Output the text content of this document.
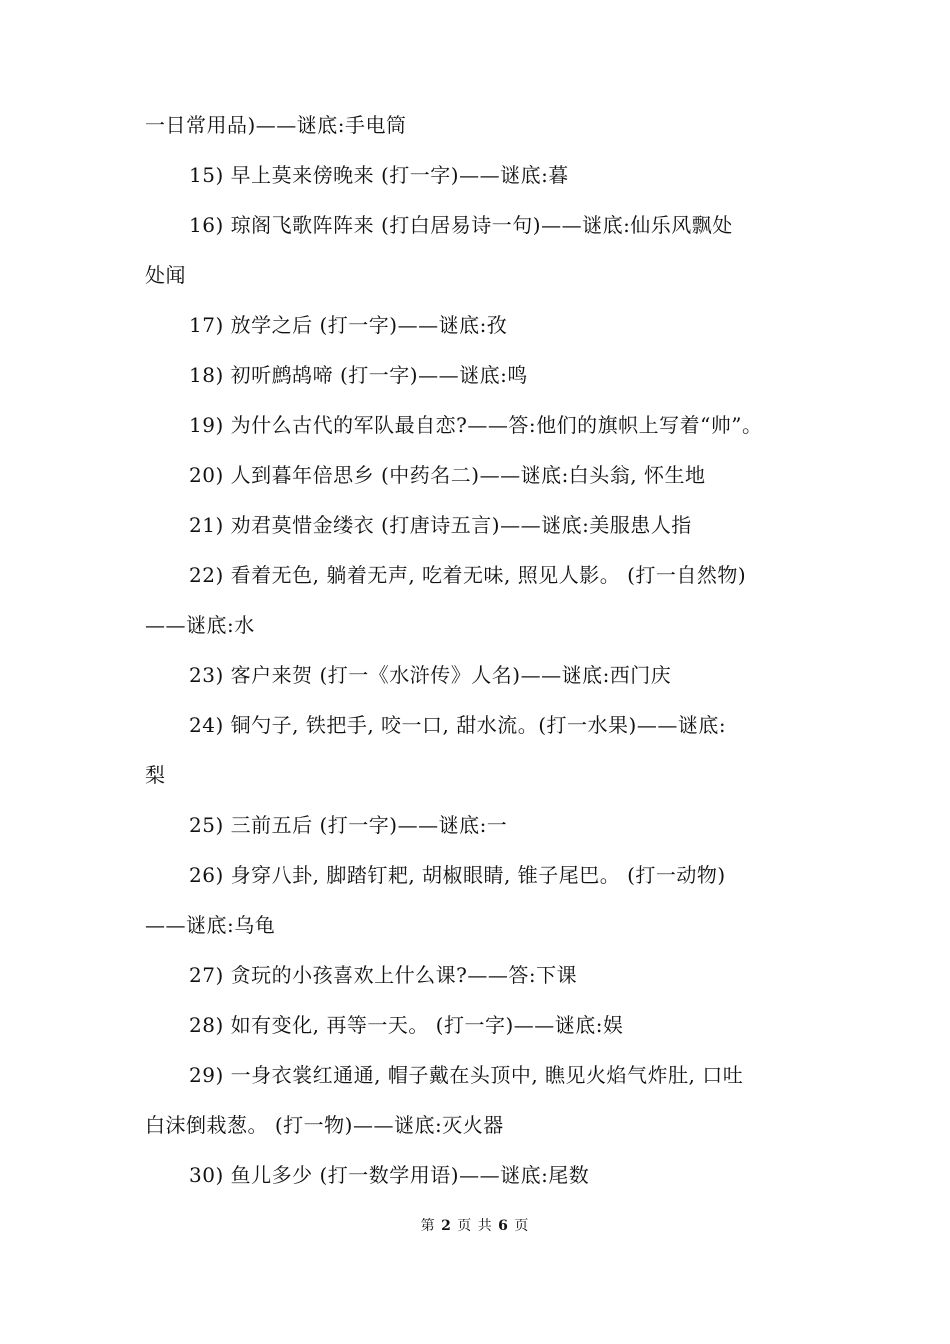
一日常用品)——谜底:手电筒
15) 早上莫来傍晚来 (打一字)——谜底:暮
16) 琼阁飞歌阵阵来 (打白居易诗一句)——谜底:仙乐风飘处
处闻
17) 放学之后 (打一字)——谜底:孜
18) 初听鹧鸪啼 (打一字)——谜底:鸣
19) 为什么古代的军队最自恋?——答:他们的旗帜上写着“帅”。
20) 人到暮年倍思乡 (中药名二)——谜底:白头翁, 怀生地
21) 劝君莫惜金缕衣 (打唐诗五言)——谜底:美服患人指
22) 看着无色, 躺着无声, 吃着无味, 照见人影。 (打一自然物)
——谜底:水
23) 客户来贺 (打一《水浒传》人名)——谜底:西门庆
24) 铜勺子, 铁把手, 咬一口, 甜水流。(打一水果)——谜底:
梨
25) 三前五后 (打一字)——谜底:一
26) 身穿八卦, 脚踏钉耙, 胡椒眼睛, 锥子尾巴。 (打一动物)
——谜底:乌龟
27) 贪玩的小孩喜欢上什么课?——答:下课
28) 如有变化, 再等一天。 (打一字)——谜底:娱
29) 一身衣裳红通通, 帽子戴在头顶中, 瞧见火焰气炸肚, 口吐
白沫倒栽葱。 (打一物)——谜底:灭火器
30) 鱼儿多少 (打一数学用语)——谜底:尾数
第 2 页 共 6 页
